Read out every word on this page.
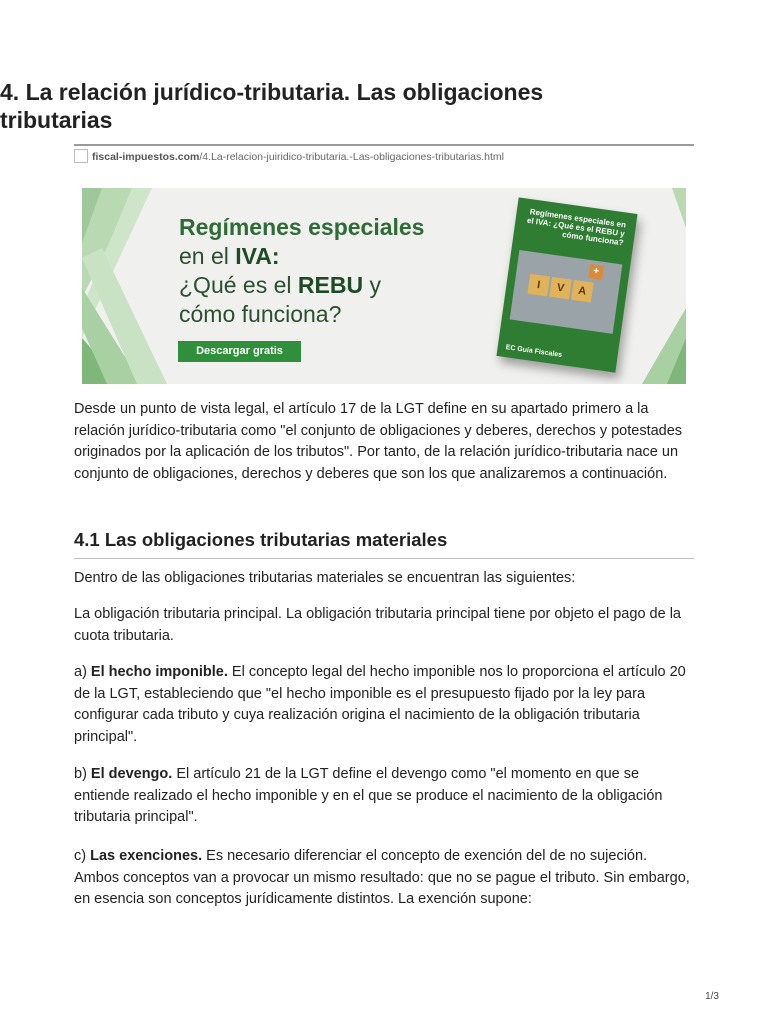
4. La relación jurídico-tributaria. Las obligaciones tributarias
fiscal-impuestos.com/4.La-relacion-juiridico-tributaria.-Las-obligaciones-tributarias.html
Regímenes especiales
en el IVA:
¿Qué es el REBU y
cómo funciona?
Descargar gratis
Regímenes especiales en el IVA: ¿Qué es el REBU y cómo funciona?
I	V	A
+
EC Guía Fiscales

Desde un punto de vista legal, el artículo 17 de la LGT define en su apartado primero a la relación jurídico-tributaria como "el conjunto de obligaciones y deberes, derechos y potestades originados por la aplicación de los tributos". Por tanto, de la relación jurídico-tributaria nace un conjunto de obligaciones, derechos y deberes que son los que analizaremos a continuación.

4.1 Las obligaciones tributarias materiales

Dentro de las obligaciones tributarias materiales se encuentran las siguientes:

La obligación tributaria principal. La obligación tributaria principal tiene por objeto el pago de la cuota tributaria.

a) El hecho imponible. El concepto legal del hecho imponible nos lo proporciona el artículo 20 de la LGT, estableciendo que "el hecho imponible es el presupuesto fijado por la ley para configurar cada tributo y cuya realización origina el nacimiento de la obligación tributaria principal".

b) El devengo. El artículo 21 de la LGT define el devengo como "el momento en que se entiende realizado el hecho imponible y en el que se produce el nacimiento de la obligación tributaria principal".

c) Las exenciones. Es necesario diferenciar el concepto de exención del de no sujeción. Ambos conceptos van a provocar un mismo resultado: que no se pague el tributo. Sin embargo, en esencia son conceptos jurídicamente distintos. La exención supone:

1/3
